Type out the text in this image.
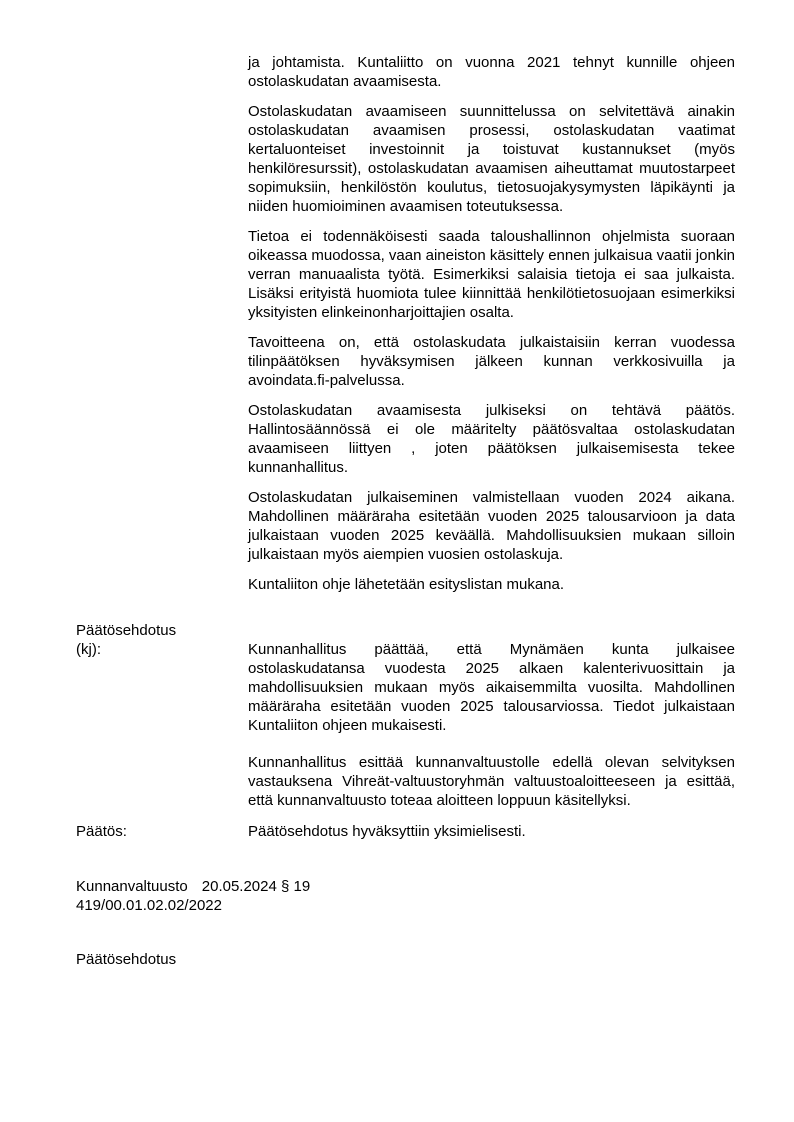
ja johtamista. Kuntaliitto on vuonna 2021 tehnyt kunnille ohjeen ostolaskudatan avaamisesta.

Ostolaskudatan avaamiseen suunnittelussa on selvitettävä ainakin ostolaskudatan avaamisen prosessi, ostolaskudatan vaatimat kertaluonteiset investoinnit ja toistuvat kustannukset (myös henkilöresurssit), ostolaskudatan avaamisen aiheuttamat muutostarpeet sopimuksiin, henkilöstön koulutus, tietosuojakysymysten läpikäynti ja niiden huomioiminen avaamisen toteutuksessa.

Tietoa ei todennäköisesti saada taloushallinnon ohjelmista suoraan oikeassa muodossa, vaan aineiston käsittely ennen julkaisua vaatii jonkin verran manuaalista työtä. Esimerkiksi salaisia tietoja ei saa julkaista. Lisäksi erityistä huomiota tulee kiinnittää henkilötietosuojaan esimerkiksi yksityisten elinkeinonharjoittajien osalta.

Tavoitteena on, että ostolaskudata julkaistaisiin kerran vuodessa tilinpäätöksen hyväksymisen jälkeen kunnan verkkosivuilla ja avoindata.fi-palvelussa.

Ostolaskudatan avaamisesta julkiseksi on tehtävä päätös. Hallintosäännössä ei ole määritelty päätösvaltaa ostolaskudatan avaamiseen liittyen , joten päätöksen julkaisemisesta tekee kunnanhallitus.

Ostolaskudatan julkaiseminen valmistellaan vuoden 2024 aikana. Mahdollinen määräraha esitetään vuoden 2025 talousarvioon ja data julkaistaan vuoden 2025 keväällä. Mahdollisuuksien mukaan silloin julkaistaan myös aiempien vuosien ostolaskuja.

Kuntaliiton ohje lähetetään esityslistan mukana.

Päätösehdotus
(kj):	Kunnanhallitus päättää, että Mynämäen kunta julkaisee ostolaskudatansa vuodesta 2025 alkaen kalenterivuosittain ja mahdollisuuksien mukaan myös aikaisemmilta vuosilta. Mahdollinen määräraha esitetään vuoden 2025 talousarviossa. Tiedot julkaistaan Kuntaliiton ohjeen mukaisesti.

Kunnanhallitus esittää kunnanvaltuustolle edellä olevan selvityksen vastauksena Vihreät-valtuustoryhmän valtuustoaloitteeseen ja esittää, että kunnanvaltuusto toteaa aloitteen loppuun käsitellyksi.

Päätös:	Päätösehdotus hyväksyttiin yksimielisesti.

Kunnanvaltuusto 20.05.2024 § 19
419/00.01.02.02/2022
Päätösehdotus
